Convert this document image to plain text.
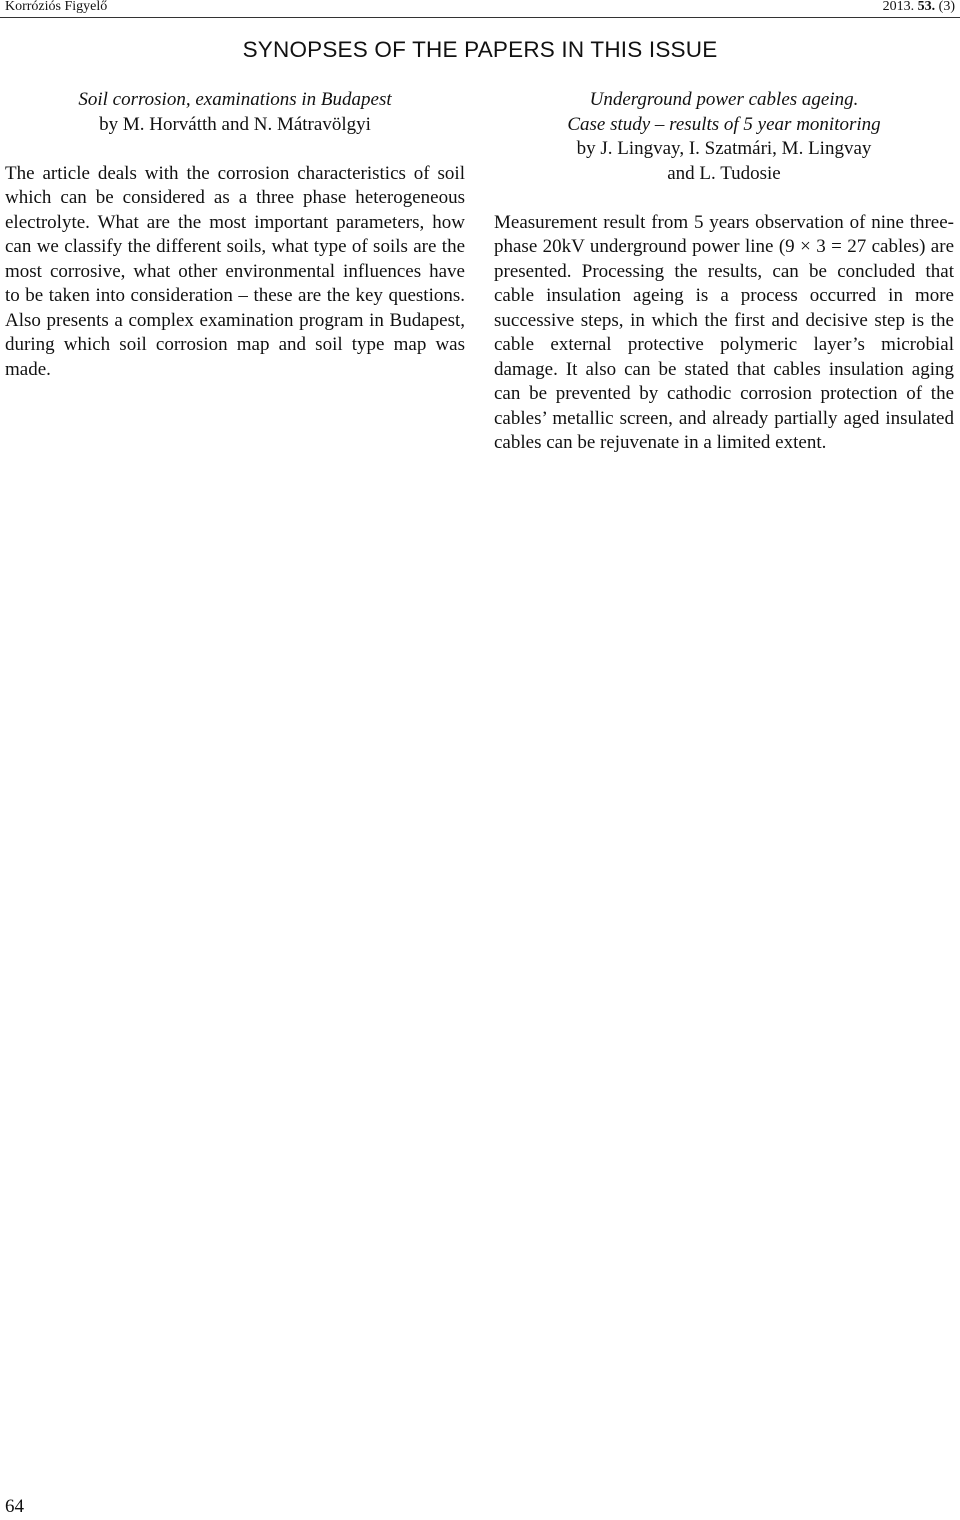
Korróziós Figyelő	2013. 53. (3)
SYNOPSES OF THE PAPERS IN THIS ISSUE
Soil corrosion, examinations in Budapest
by M. Horvátth and N. Mátravölgyi

The article deals with the corrosion characteristics of soil which can be considered as a three phase heterogeneous electrolyte. What are the most important parameters, how can we classify the different soils, what type of soils are the most corrosive, what other environmental influences have to be taken into consideration – these are the key questions. Also presents a complex examination program in Budapest, during which soil corrosion map and soil type map was made.

Underground power cables ageing.
Case study – results of 5 year monitoring
by J. Lingvay, I. Szatmári, M. Lingvay
and L. Tudosie

Measurement result from 5 years observation of nine three-phase 20kV underground power line (9 × 3 = 27 cables) are presented. Processing the results, can be concluded that cable insulation ageing is a process occurred in more successive steps, in which the first and decisive step is the cable external protective polymeric layer’s microbial damage. It also can be stated that cables insulation aging can be prevented by cathodic corrosion protection of the cables’ metallic screen, and already partially aged insulated cables can be rejuvenate in a limited extent.

64
